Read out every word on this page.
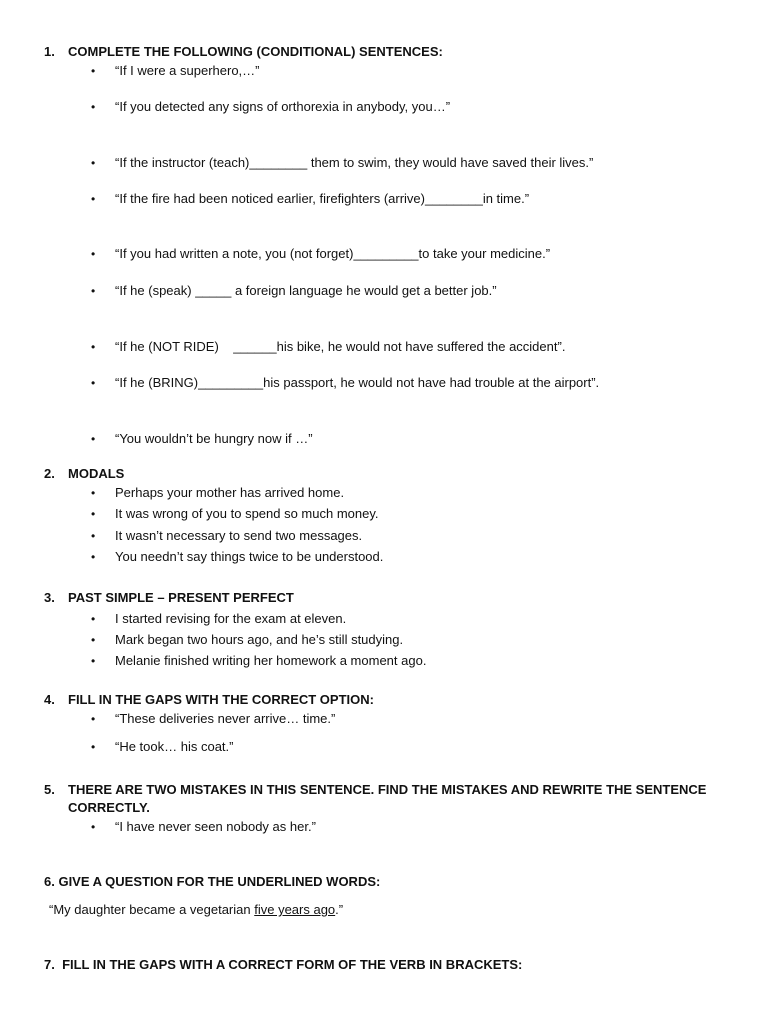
1. COMPLETE THE FOLLOWING (CONDITIONAL) SENTENCES:
• “If I were a superhero,…”
• “If you detected any signs of orthorexia in anybody, you…”
• “If the instructor (teach)________ them to swim, they would have saved their lives.”
• “If the fire had been noticed earlier, firefighters (arrive)________in time.”
• “If you had written a note, you (not forget)_________to take your medicine.”
• “If he (speak) _____ a foreign language he would get a better job.”
• “If he (NOT RIDE)    ______his bike, he would not have suffered the accident”.
• “If he (BRING)_________his passport, he would not have had trouble at the airport”.
• “You wouldn’t be hungry now if …”
2. MODALS
• Perhaps your mother has arrived home.
• It was wrong of you to spend so much money.
• It wasn’t necessary to send two messages.
• You needn’t say things twice to be understood.
3. PAST SIMPLE – PRESENT PERFECT
• I started revising for the exam at eleven.
• Mark began two hours ago, and he’s still studying.
• Melanie finished writing her homework a moment ago.
4. FILL IN THE GAPS WITH THE CORRECT OPTION:
• “These deliveries never arrive… time.”
• “He took… his coat.”
5. THERE ARE TWO MISTAKES IN THIS SENTENCE. FIND THE MISTAKES AND REWRITE THE SENTENCE
CORRECTLY.
• “I have never seen nobody as her.”
6. GIVE A QUESTION FOR THE UNDERLINED WORDS:
“My daughter became a vegetarian five years ago.”
7.  FILL IN THE GAPS WITH A CORRECT FORM OF THE VERB IN BRACKETS:
